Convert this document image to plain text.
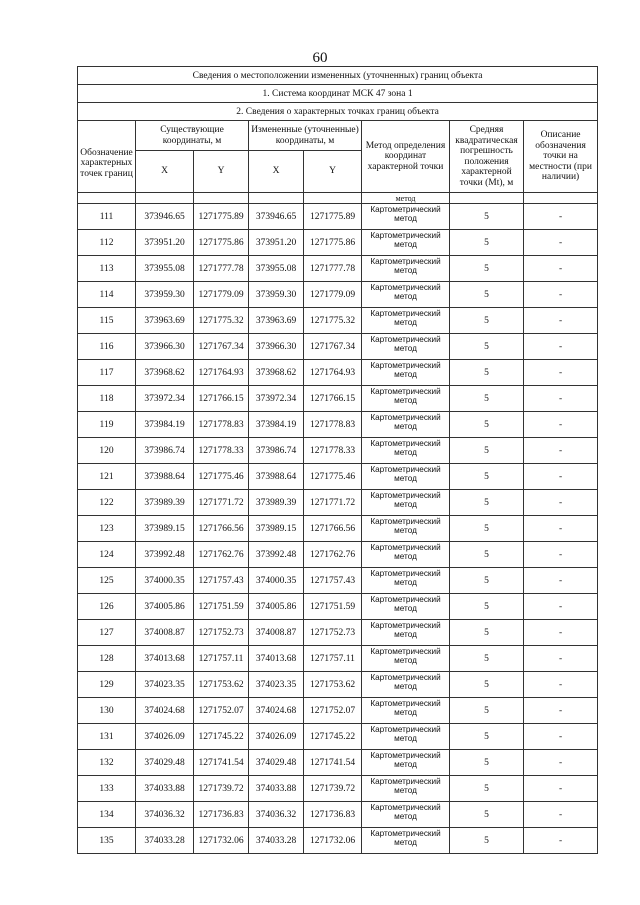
60
Сведения о местоположении измененных (уточненных) границ объекта							
1. Система координат МСК 47 зона 1							
2. Сведения о характерных точках границ объекта							
Обозначение характерных точек границ	Существующие координаты, м		Измененные (уточненные) координаты, м		Метод определения координат характерной точки	Средняя квадратическая погрешность положения характерной точки (Mt), м	Описание обозначения точки на местности (при наличии)
	X	Y	X	Y			
					метод		
111	373946.65	1271775.89	373946.65	1271775.89	Картометрический метод	5	-
112	373951.20	1271775.86	373951.20	1271775.86	Картометрический метод	5	-
113	373955.08	1271777.78	373955.08	1271777.78	Картометрический метод	5	-
114	373959.30	1271779.09	373959.30	1271779.09	Картометрический метод	5	-
115	373963.69	1271775.32	373963.69	1271775.32	Картометрический метод	5	-
116	373966.30	1271767.34	373966.30	1271767.34	Картометрический метод	5	-
117	373968.62	1271764.93	373968.62	1271764.93	Картометрический метод	5	-
118	373972.34	1271766.15	373972.34	1271766.15	Картометрический метод	5	-
119	373984.19	1271778.83	373984.19	1271778.83	Картометрический метод	5	-
120	373986.74	1271778.33	373986.74	1271778.33	Картометрический метод	5	-
121	373988.64	1271775.46	373988.64	1271775.46	Картометрический метод	5	-
122	373989.39	1271771.72	373989.39	1271771.72	Картометрический метод	5	-
123	373989.15	1271766.56	373989.15	1271766.56	Картометрический метод	5	-
124	373992.48	1271762.76	373992.48	1271762.76	Картометрический метод	5	-
125	374000.35	1271757.43	374000.35	1271757.43	Картометрический метод	5	-
126	374005.86	1271751.59	374005.86	1271751.59	Картометрический метод	5	-
127	374008.87	1271752.73	374008.87	1271752.73	Картометрический метод	5	-
128	374013.68	1271757.11	374013.68	1271757.11	Картометрический метод	5	-
129	374023.35	1271753.62	374023.35	1271753.62	Картометрический метод	5	-
130	374024.68	1271752.07	374024.68	1271752.07	Картометрический метод	5	-
131	374026.09	1271745.22	374026.09	1271745.22	Картометрический метод	5	-
132	374029.48	1271741.54	374029.48	1271741.54	Картометрический метод	5	-
133	374033.88	1271739.72	374033.88	1271739.72	Картометрический метод	5	-
134	374036.32	1271736.83	374036.32	1271736.83	Картометрический метод	5	-
135	374033.28	1271732.06	374033.28	1271732.06	Картометрический метод	5	-
